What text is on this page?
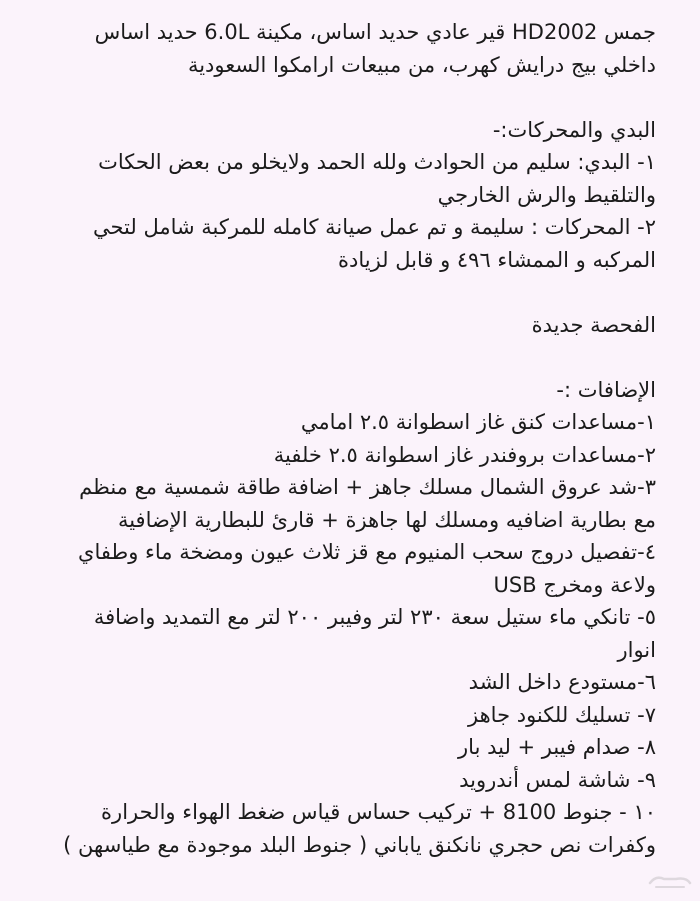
جمس HD2002 قير عادي حديد اساس، مكينة 6.0L حديد اساس
داخلي بيج درايش كهرب، من مبيعات ارامكوا السعودية
البدي والمحركات:-
١- البدي: سليم من الحوادث ولله الحمد ولايخلو من بعض الحكات
والتلقيط والرش الخارجي
٢- المحركات : سليمة و تم عمل صيانة كامله للمركبة شامل لتحي
المركبه و الممشاء ٤٩٦ و قابل لزيادة
الفحصة جديدة
الإضافات :-
١-مساعدات كنق غاز اسطوانة ٢.٥ امامي
٢-مساعدات بروفندر غاز اسطوانة ٢.٥ خلفية
٣-شد عروق الشمال مسلك جاهز + اضافة طاقة شمسية مع منظم
مع بطارية اضافيه ومسلك لها جاهزة + قارئ للبطارية الإضافية
٤-تفصيل دروج سحب المنيوم مع قز ثلاث عيون ومضخة ماء وطفاي
ولاعة ومخرج USB
٥- تانكي ماء ستيل سعة ٢٣٠ لتر وفيبر ٢٠٠ لتر مع التمديد واضافة
انوار
٦-مستودع داخل الشد
٧- تسليك للكنود جاهز
٨- صدام فيبر + ليد بار
٩- شاشة لمس أندرويد
١٠ - جنوط 8100 + تركيب حساس قياس ضغط الهواء والحرارة
وكفرات نص حجري نانكنق ياباني ( جنوط البلد موجودة مع طياسهن )
